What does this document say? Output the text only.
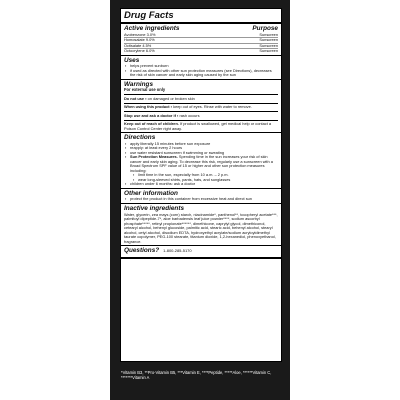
Drug Facts
Active ingredients	Purpose
Avobenzone 3.0%	Sunscreen
Homosalate 9.0%	Sunscreen
Octisalate 4.5%	Sunscreen
Octocrylene 6.0%	Sunscreen
Uses
▪ helps prevent sunburn
▪ if used as directed with other sun protection measures (see Directions), decreases the risk of skin cancer and early skin aging caused by the sun
Warnings
For external use only

Do not use ▪ on damaged or broken skin

When using this product ▪ keep out of eyes. Rinse with water to remove.

Stop use and ask a doctor if ▪ rash occurs

Keep out of reach of children. If product is swallowed, get medical help or contact a Poison Control Center right away.

Directions
▪ apply liberally 15 minutes before sun exposure
▪ reapply: at least every 2 hours
▪ use water resistant sunscreen if swimming or sweating
▪ Sun Protection Measures. Spending time in the sun increases your risk of skin cancer and early skin aging. To decrease this risk, regularly use a sunscreen with a Broad Spectrum SPF value of 15 or higher and other sun protection measures including:
▪ limit time in the sun, especially from 10 a.m. – 2 p.m.
▪ wear long-sleeved shirts, pants, hats, and sunglasses
▪ children under 6 months: ask a doctor
Other information
▪ protect the product in this container from excessive heat and direct sun
Inactive ingredients

Water, glycerin, zea mays (corn) starch, niacinamide*, panthenol**, tocopheryl acetate***, palmitoyl dipeptide-7*, aloe barbadensis leaf juice powder****, sodium ascorbyl phosphate*****, retinyl propionate******, dimethicone, caprylyl glycol, dimethiconol, cetearyl alcohol, behenyl glucoside, palmitic acid, stearic acid, behenyl alcohol, stearyl alcohol, cetyl alcohol, disodium EDTA, hydroxyethyl acrylate/sodium acryloyldimethyl taurate copolymer, PEG-100 stearate, titanium dioxide, 1,2-hexanediol, phenoxyethanol, fragrance.

Questions? 1-800-285-5170
*Vitamin B3, **Pro-Vitamin B5, ***Vitamin E, ****Peptide, *****Aloe, ******Vitamin C, *******Vitamin A
